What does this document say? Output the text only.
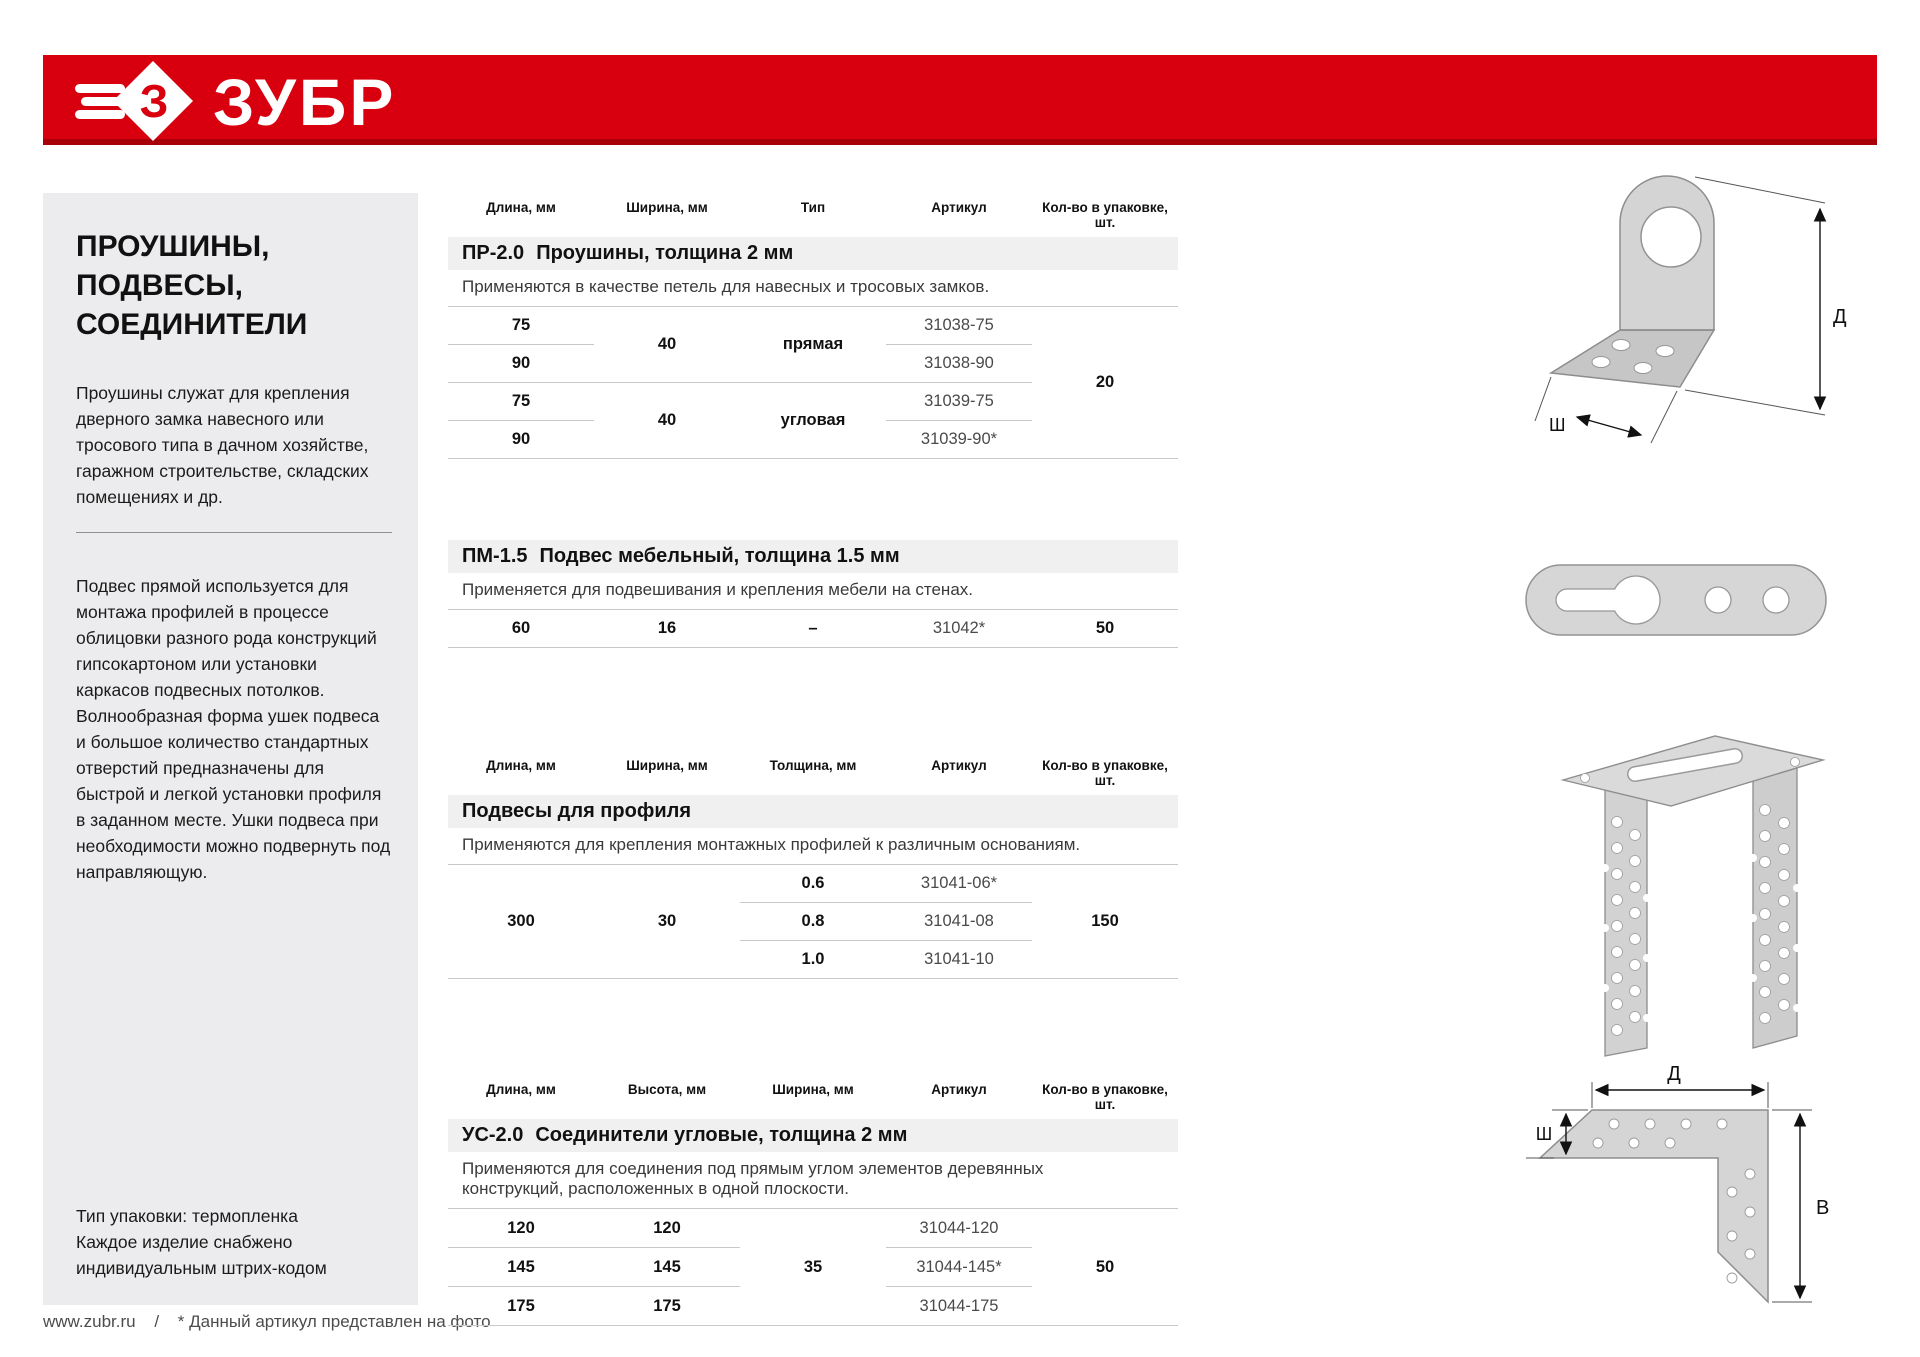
З ЗУБР
ПРОУШИНЫ,
ПОДВЕСЫ,
СОЕДИНИТЕЛИ

Проушины служат для крепления дверного замка навесного или тросового типа в дачном хозяйстве, гаражном строительстве, складских помещениях и др.

Подвес прямой используется для монтажа профилей в процессе облицовки разного рода конструкций гипсокартоном или установки каркасов подвесных потолков.

Волнообразная форма ушек подвеса и большое количество стандартных отверстий предназначены для быстрой и легкой установки профиля в заданном месте. Ушки подвеса при необходимости можно подвернуть под направляющую.

Тип упаковки: термопленка

Каждое изделие снабжено индивидуальным штрих-кодом

www.zubr.ru / * Данный артикул представлен на фото
Длина, мм	Ширина, мм	Тип	Артикул	Кол-во в упаковке, шт.
ПР-2.0 Проушины, толщина 2 мм
Применяются в качестве петель для навесных и тросовых замков.
75	40	прямая	31038-75	20
90			31038-90	
75	40	угловая	31039-75	
90			31039-90*	
ПМ-1.5 Подвес мебельный, толщина 1.5 мм
Применяется для подвешивания и крепления мебели на стенах.
60	16	–	31042*	50
Длина, мм	Ширина, мм	Толщина, мм	Артикул	Кол-во в упаковке, шт.
Подвесы для профиля
Применяются для крепления монтажных профилей к различным основаниям.
300	30	0.6	31041-06*	150
		0.8	31041-08	
		1.0	31041-10	
Длина, мм	Высота, мм	Ширина, мм	Артикул	Кол-во в упаковке, шт.
УС-2.0 Соединители угловые, толщина 2 мм
Применяются для соединения под прямым углом элементов деревянных конструкций, расположенных в одной плоскости.
120	120	35	31044-120	50
145	145		31044-145*	
175	175		31044-175	
Д
Ш
Д
Ш
В
